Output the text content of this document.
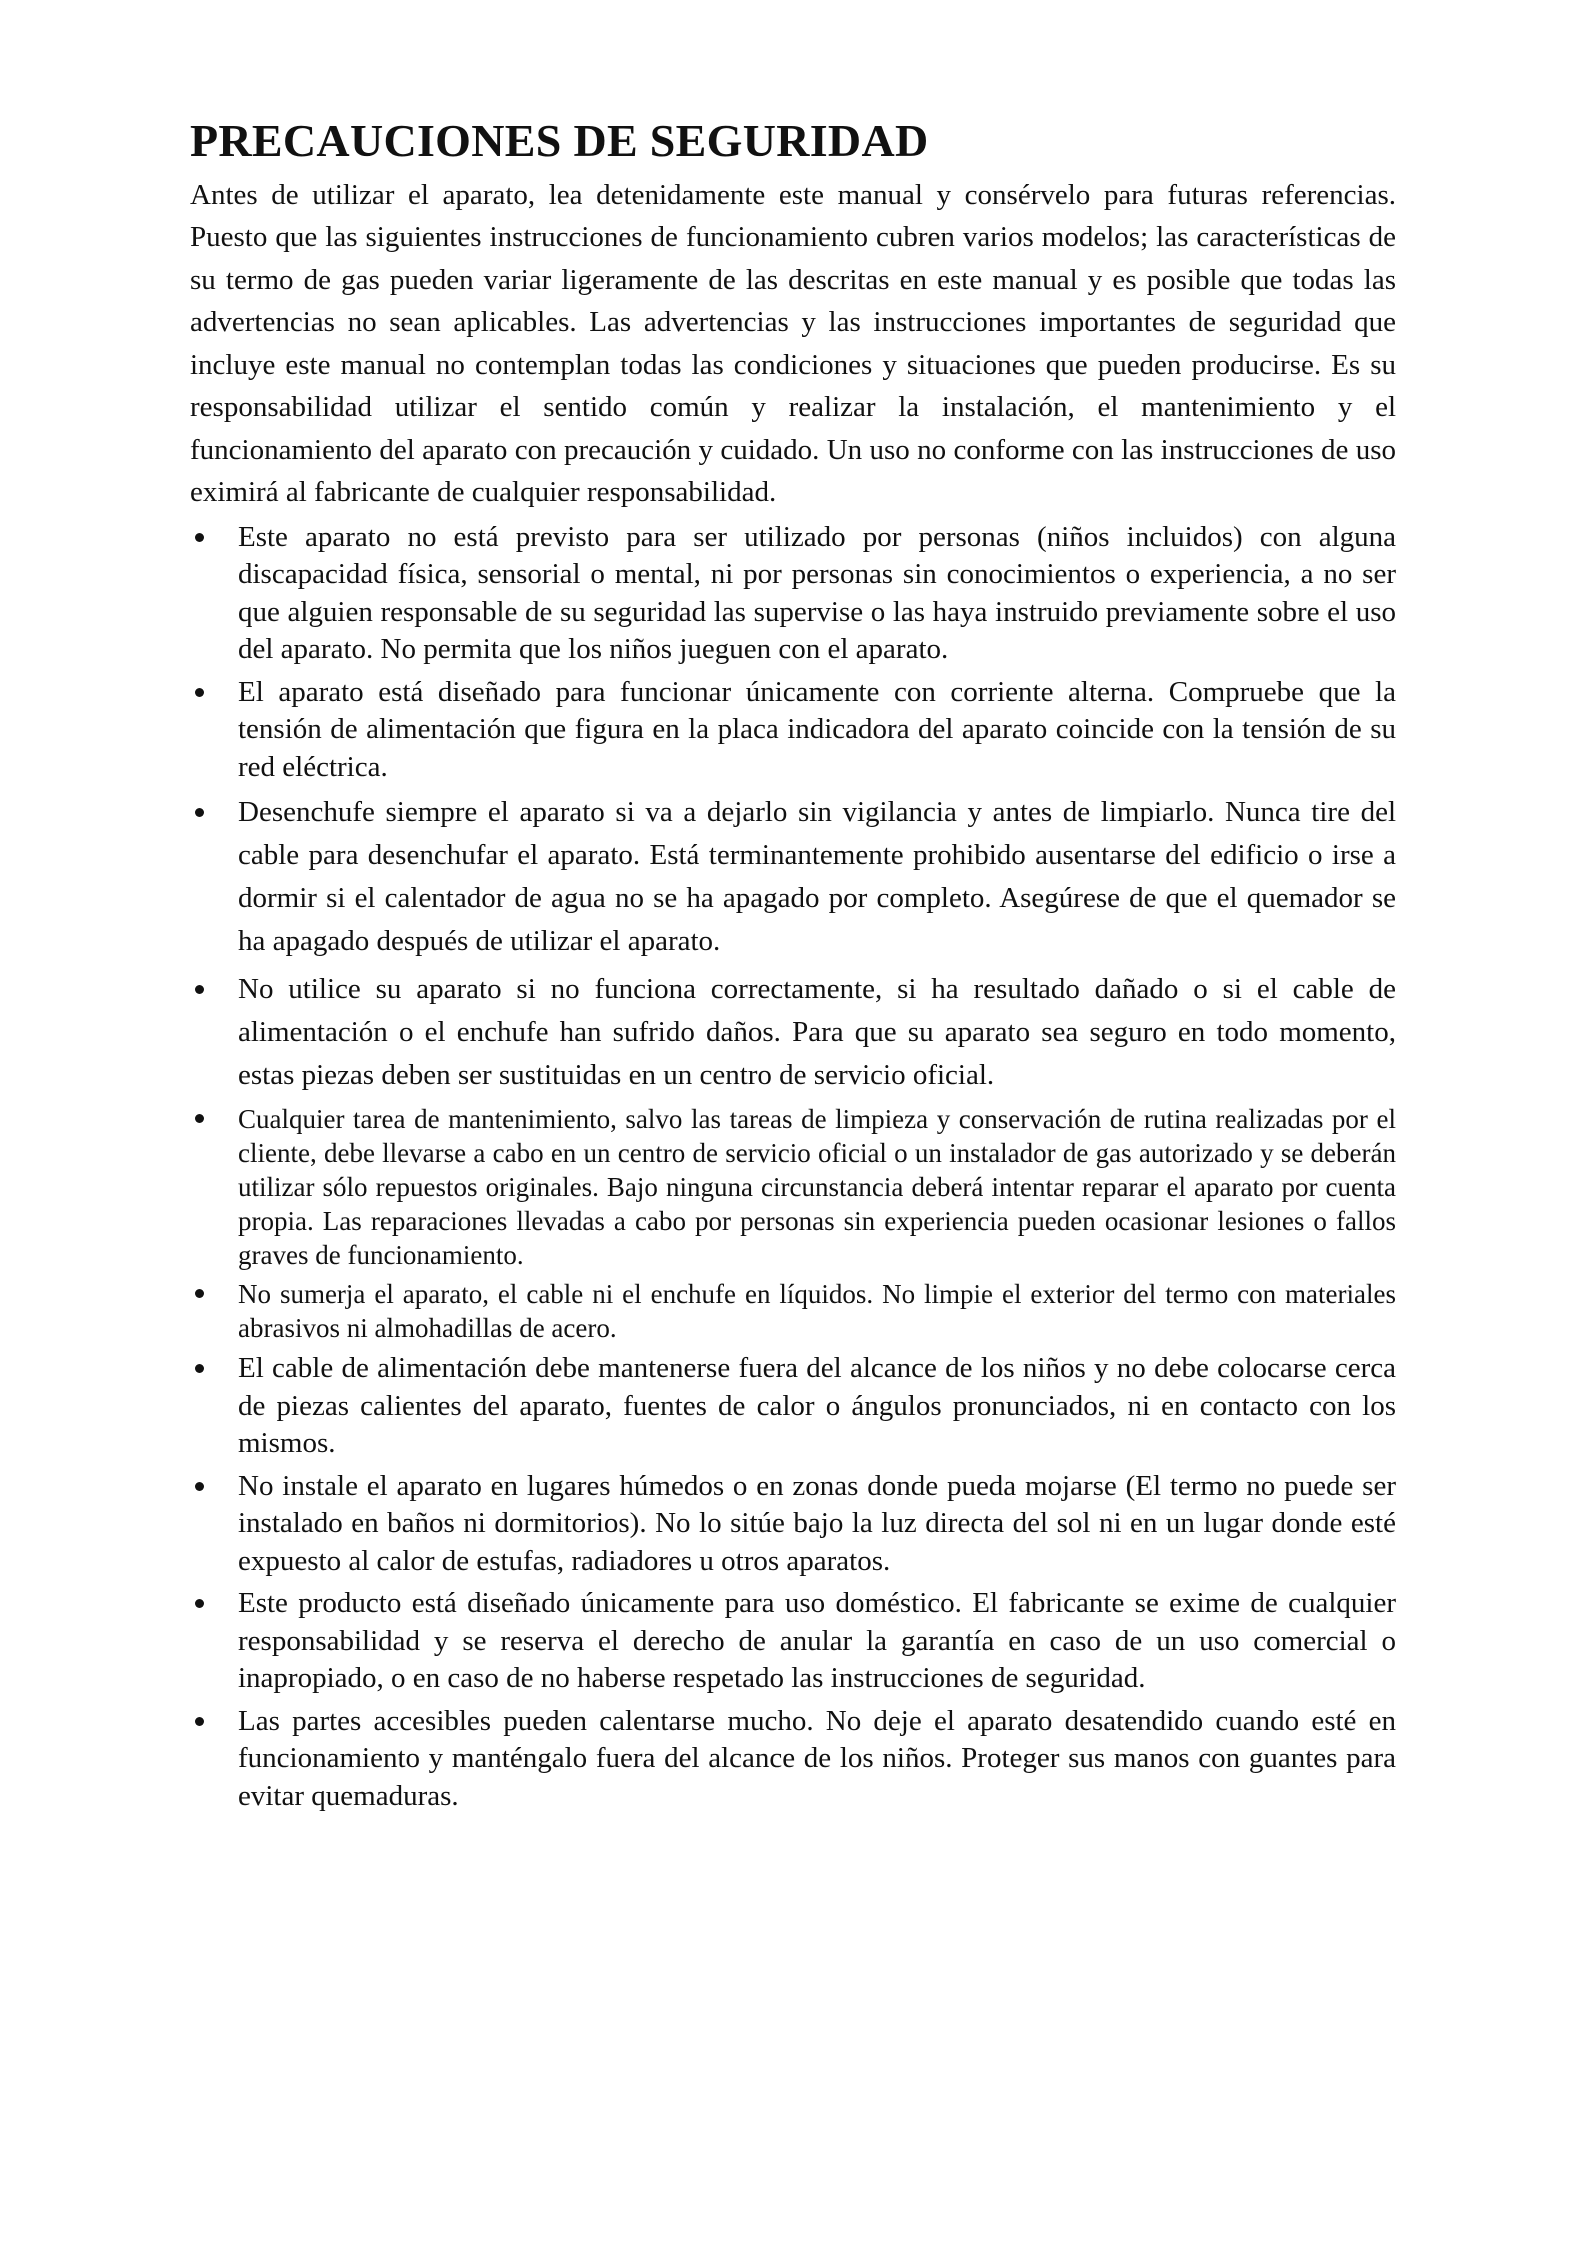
PRECAUCIONES DE SEGURIDAD

Antes de utilizar el aparato, lea detenidamente este manual y consérvelo para futuras referencias. Puesto que las siguientes instrucciones de funcionamiento cubren varios modelos; las características de su termo de gas pueden variar ligeramente de las descritas en este manual y es posible que todas las advertencias no sean aplicables. Las advertencias y las instrucciones importantes de seguridad que incluye este manual no contemplan todas las condiciones y situaciones que pueden producirse. Es su responsabilidad utilizar el sentido común y realizar la instalación, el mantenimiento y el funcionamiento del aparato con precaución y cuidado. Un uso no conforme con las instrucciones de uso eximirá al fabricante de cualquier responsabilidad.

Este aparato no está previsto para ser utilizado por personas (niños incluidos) con alguna discapacidad física, sensorial o mental, ni por personas sin conocimientos o experiencia, a no ser que alguien responsable de su seguridad las supervise o las haya instruido previamente sobre el uso del aparato. No permita que los niños jueguen con el aparato.
El aparato está diseñado para funcionar únicamente con corriente alterna. Compruebe que la tensión de alimentación que figura en la placa indicadora del aparato coincide con la tensión de su red eléctrica.
Desenchufe siempre el aparato si va a dejarlo sin vigilancia y antes de limpiarlo. Nunca tire del cable para desenchufar el aparato. Está terminantemente prohibido ausentarse del edificio o irse a dormir si el calentador de agua no se ha apagado por completo. Asegúrese de que el quemador se ha apagado después de utilizar el aparato.
No utilice su aparato si no funciona correctamente, si ha resultado dañado o si el cable de alimentación o el enchufe han sufrido daños. Para que su aparato sea seguro en todo momento, estas piezas deben ser sustituidas en un centro de servicio oficial.
Cualquier tarea de mantenimiento, salvo las tareas de limpieza y conservación de rutina realizadas por el cliente, debe llevarse a cabo en un centro de servicio oficial o un instalador de gas autorizado y se deberán utilizar sólo repuestos originales. Bajo ninguna circunstancia deberá intentar reparar el aparato por cuenta propia. Las reparaciones llevadas a cabo por personas sin experiencia pueden ocasionar lesiones o fallos graves de funcionamiento.
No sumerja el aparato, el cable ni el enchufe en líquidos. No limpie el exterior del termo con materiales abrasivos ni almohadillas de acero.
El cable de alimentación debe mantenerse fuera del alcance de los niños y no debe colocarse cerca de piezas calientes del aparato, fuentes de calor o ángulos pronunciados, ni en contacto con los mismos.
No instale el aparato en lugares húmedos o en zonas donde pueda mojarse (El termo no puede ser instalado en baños ni dormitorios). No lo sitúe bajo la luz directa del sol ni en un lugar donde esté expuesto al calor de estufas, radiadores u otros aparatos.
Este producto está diseñado únicamente para uso doméstico. El fabricante se exime de cualquier responsabilidad y se reserva el derecho de anular la garantía en caso de un uso comercial o inapropiado, o en caso de no haberse respetado las instrucciones de seguridad.
Las partes accesibles pueden calentarse mucho. No deje el aparato desatendido cuando esté en funcionamiento y manténgalo fuera del alcance de los niños. Proteger sus manos con guantes para evitar quemaduras.
